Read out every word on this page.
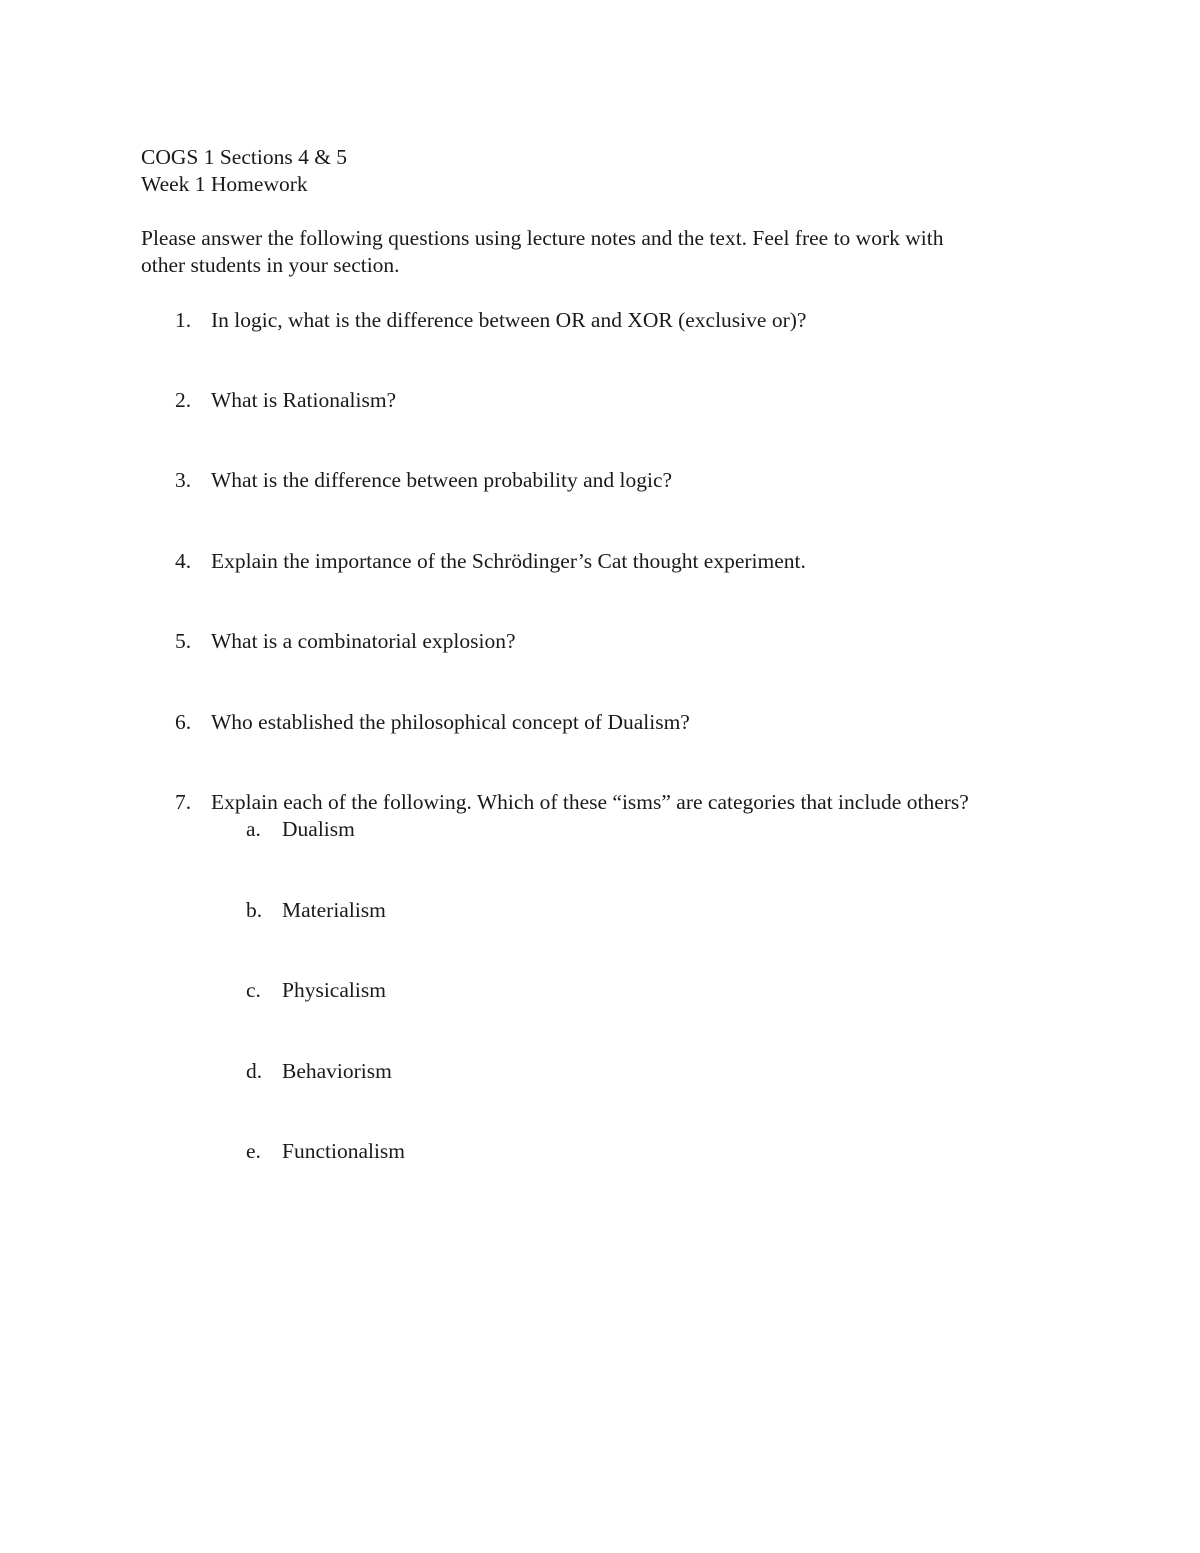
COGS 1 Sections 4 & 5
Week 1 Homework
Please answer the following questions using lecture notes and the text. Feel free to work with
other students in your section.
1. In logic, what is the difference between OR and XOR (exclusive or)?
2. What is Rationalism?
3. What is the difference between probability and logic?
4. Explain the importance of the Schrödinger’s Cat thought experiment.
5. What is a combinatorial explosion?
6. Who established the philosophical concept of Dualism?
7. Explain each of the following. Which of these “isms” are categories that include others?
a. Dualism
b. Materialism
c. Physicalism
d. Behaviorism
e. Functionalism
